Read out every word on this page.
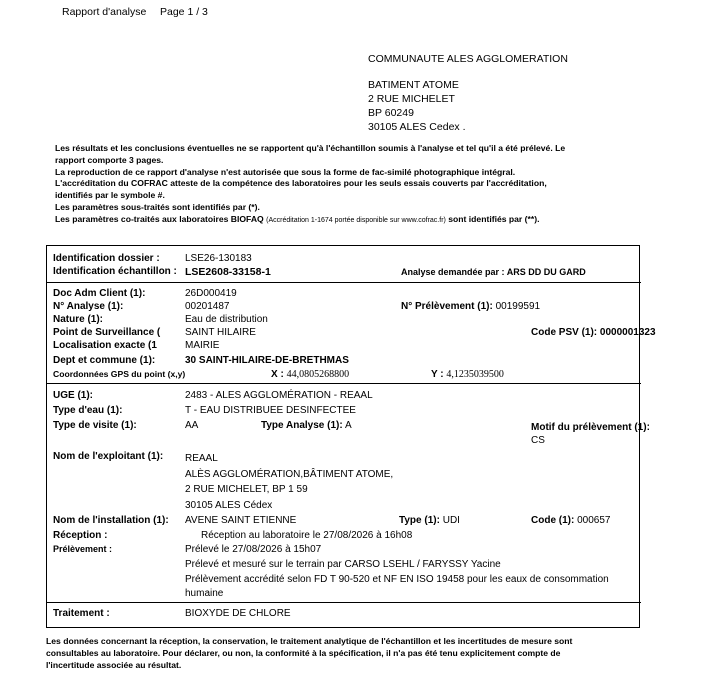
Rapport d'analyse Page 1 / 3
COMMUNAUTE ALES AGGLOMERATION
BATIMENT ATOME
2 RUE MICHELET
BP 60249
30105 ALES Cedex .
Les résultats et les conclusions éventuelles ne se rapportent qu'à l'échantillon soumis à l'analyse et tel qu'il a été prélevé. Le
rapport comporte 3 pages.
La reproduction de ce rapport d'analyse n'est autorisée que sous la forme de fac-similé photographique intégral.
L'accréditation du COFRAC atteste de la compétence des laboratoires pour les seuls essais couverts par l'accréditation,
identifiés par le symbole #.
Les paramètres sous-traités sont identifiés par (*).
Les paramètres co-traités aux laboratoires BIOFAQ (Accréditation 1-1674 portée disponible sur www.cofrac.fr) sont identifiés par (**).
Identification dossier :	LSE26-130183
Identification échantillon : LSE2608-33158-1	Analyse demandée par : ARS DD DU GARD
Doc Adm Client (1):	26D000419
N° Analyse (1):	00201487	N° Prélèvement (1): 00199591
Nature (1):	Eau de distribution
Point de Surveillance ( SAINT HILAIRE	Code PSV (1): 0000001323
Localisation exacte (1	MAIRIE
Dept et commune (1):	30 SAINT-HILAIRE-DE-BRETHMAS
Coordonnées GPS du point (x,y)	X : 44,0805268800	Y : 4,1235039500
UGE (1):	2483 - ALES AGGLOMÉRATION - REAAL
Type d'eau (1):	T - EAU DISTRIBUEE DESINFECTEE
Type de visite (1):	AA	Type Analyse (1): A	Motif du prélèvement (1):
CS
Nom de l'exploitant (1): REAAL
ALÈS AGGLOMÉRATION,BÂTIMENT ATOME,
2 RUE MICHELET, BP 1 59
30105 ALES Cédex
Nom de l'installation (1): AVENE SAINT ETIENNE	Type (1): UDI	Code (1): 000657
Réception :	Réception au laboratoire le 27/08/2026 à 16h08
Prélèvement :	Prélevé le 27/08/2026 à 15h07
Prélevé et mesuré sur le terrain par CARSO LSEHL / FARYSSY Yacine
Prélèvement accrédité selon FD T 90-520 et NF EN ISO 19458 pour les eaux de consommation
humaine
Traitement :	BIOXYDE DE CHLORE
Les données concernant la réception, la conservation, le traitement analytique de l'échantillon et les incertitudes de mesure sont
consultables au laboratoire. Pour déclarer, ou non, la conformité à la spécification, il n'a pas été tenu explicitement compte de
l'incertitude associée au résultat.
